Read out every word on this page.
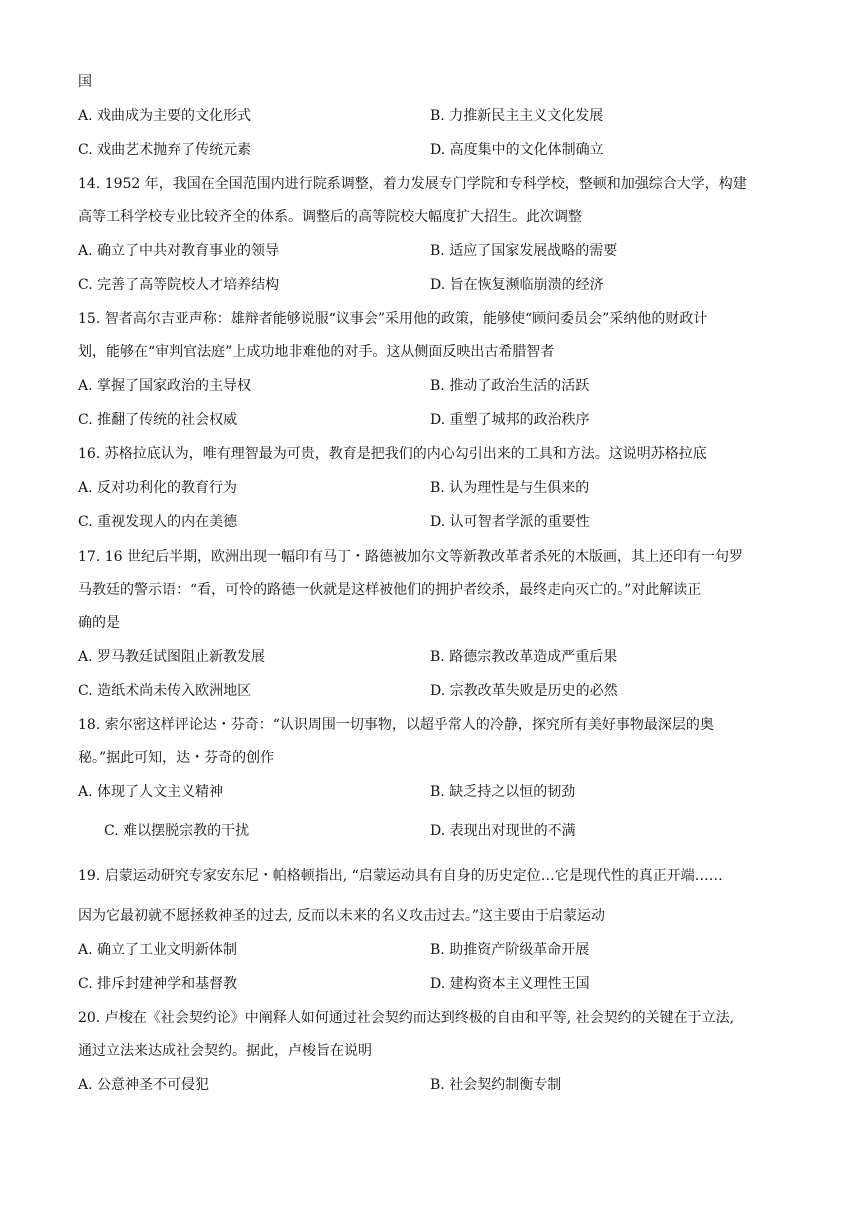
国
A. 戏曲成为主要的文化形式	B. 力推新民主主义文化发展
C. 戏曲艺术抛弃了传统元素	D. 高度集中的文化体制确立
14. 1952 年，我国在全国范围内进行院系调整，着力发展专门学院和专科学校，整顿和加强综合大学，构建
高等工科学校专业比较齐全的体系。调整后的高等院校大幅度扩大招生。此次调整
A. 确立了中共对教育事业的领导	B. 适应了国家发展战略的需要
C. 完善了高等院校人才培养结构	D. 旨在恢复濒临崩溃的经济
15. 智者高尔吉亚声称：雄辩者能够说服“议事会”采用他的政策，能够使“顾问委员会”采纳他的财政计
划，能够在“审判官法庭”上成功地非难他的对手。这从侧面反映出古希腊智者
A. 掌握了国家政治的主导权	B. 推动了政治生活的活跃
C. 推翻了传统的社会权威	D. 重塑了城邦的政治秩序
16. 苏格拉底认为，唯有理智最为可贵，教育是把我们的内心勾引出来的工具和方法。这说明苏格拉底
A. 反对功利化的教育行为	B. 认为理性是与生俱来的
C. 重视发现人的内在美德	D. 认可智者学派的重要性
17. 16 世纪后半期，欧洲出现一幅印有马丁・路德被加尔文等新教改革者杀死的木版画，其上还印有一句罗
马教廷的警示语：“看，可怜的路德一伙就是这样被他们的拥护者绞杀，最终走向灭亡的。”对此解读正
确的是
A. 罗马教廷试图阻止新教发展	B. 路德宗教改革造成严重后果
C. 造纸术尚未传入欧洲地区	D. 宗教改革失败是历史的必然
18. 索尔密这样评论达・芬奇：“认识周围一切事物，以超乎常人的冷静，探究所有美好事物最深层的奥
秘。”据此可知，达・芬奇的创作
A. 体现了人文主义精神	B. 缺乏持之以恒的韧劲
C. 难以摆脱宗教的干扰	D. 表现出对现世的不满
19. 启蒙运动研究专家安东尼・帕格顿指出, “启蒙运动具有自身的历史定位…它是现代性的真正开端……
因为它最初就不愿拯救神圣的过去, 反而以未来的名义攻击过去。”这主要由于启蒙运动
A. 确立了工业文明新体制	B. 助推资产阶级革命开展
C. 排斥封建神学和基督教	D. 建构资本主义理性王国
20. 卢梭在《社会契约论》中阐释人如何通过社会契约而达到终极的自由和平等, 社会契约的关键在于立法,
通过立法来达成社会契约。据此，卢梭旨在说明
A. 公意神圣不可侵犯	B. 社会契约制衡专制
